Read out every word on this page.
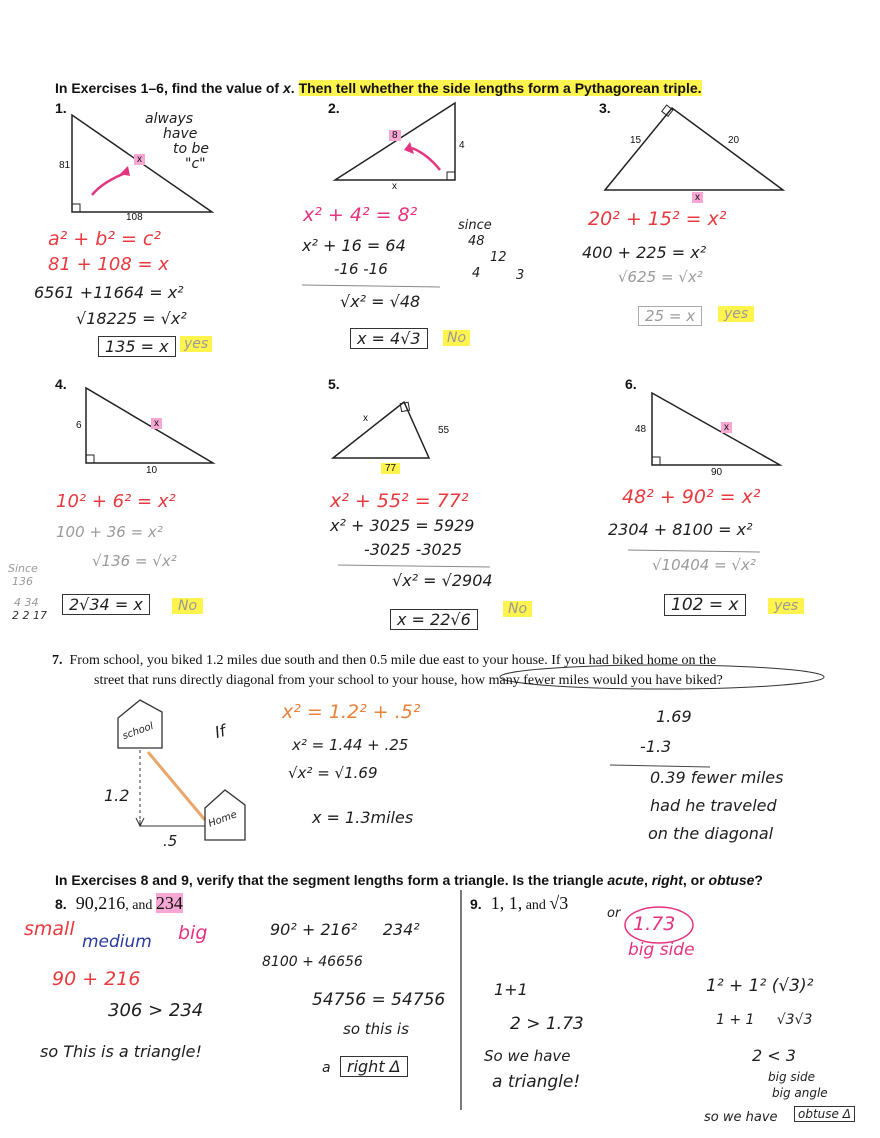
In Exercises 1–6, find the value of x. Then tell whether the side lengths form a Pythagorean triple.
1.
81
108
x
always
have
to be
"c"
a² + b² = c²
81 + 108 = x
6561 +11664 = x²
√18225 = √x²
135 = x	yes
2.
8
4
x
x² + 4² = 8²
x² + 16 = 64
-16 -16
√x² = √48
x = 4√3	No
since
48
12
4	3
3.
15	20
x
20² + 15² = x²
400 + 225 = x²
√625 = √x²
25 = x	yes
4.
6
10
x
10² + 6² = x²
100 + 36 = x²
√136 = √x²
2√34 = x	No
Since
136
4 34
2 2 17
5.
x
55
77
x² + 55² = 77²
x² + 3025 = 5929
-3025 -3025
√x² = √2904
x = 22√6
No
6.
48
90
x
48² + 90² = x²
2304 + 8100 = x²
√10404 = √x²
102 = x	yes
7. From school, you biked 1.2 miles due south and then 0.5 mile due east to your house. If you had biked home on the
street that runs directly diagonal from your school to your house, how many fewer miles would you have biked?
school
Home
1.2
.5
If
x² = 1.2² + .5²
x² = 1.44 + .25
√x² = √1.69
x = 1.3miles
1.69
-1.3
0.39 fewer miles
had he traveled
on the diagonal
In Exercises 8 and 9, verify that the segment lengths form a triangle. Is the triangle acute, right, or obtuse?
8. 90,216, and 234
small
medium big
90 + 216
306 > 234
so This is a triangle!
90² + 216²     234²
8100 + 46656
54756 = 54756
so this is
a	right Δ
9. 1, 1, and √3
or 1.73
big side
1+1
2 > 1.73
So we have
a triangle!
1² + 1² (√3)²
1 + 1     √3√3
2 < 3
big side
big angle
so we have	obtuse Δ
